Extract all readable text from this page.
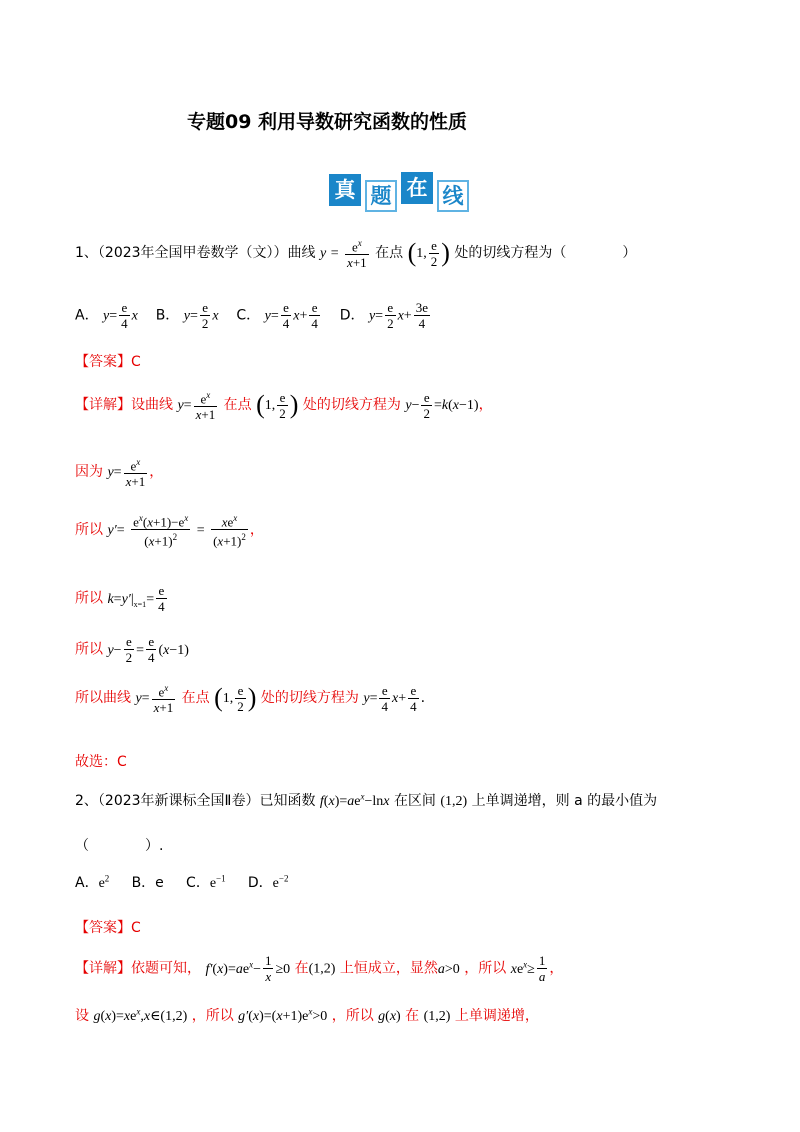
专题09 利用导数研究函数的性质
真 题 在 线
1、（2023年全国甲卷数学（文））曲线 $y = \frac{e^x}{x+1}$ 在点 (1, $\frac{e}{2}$ ) 处的切线方程为（　　　　）
A． $y= \frac{e}{4}$ x B． $y= \frac{e}{2}$ x C． $y= \frac{e}{4} x+ \frac{e}{4}$ D． $y= \frac{e}{2} x+ \frac{3e}{4}$
【答案】C
【详解】设曲线 $y= \frac{e^x}{x+1}$ 在点 (1, $\frac{e}{2}$ ) 处的切线方程为 $y- \frac{e}{2} =k(x-1)$，
因为 $y= \frac{e^x}{x+1}$ ，
所以 $y'= \frac{e^x(x+1)-e^x}{(x+1)^2} = \frac{xe^x}{(x+1)^2}$ ，
所以 $k=y'|_{x=1}= \frac{e}{4}$
所以 $y- \frac{e}{2} = \frac{e}{4} (x-1)$
所以曲线 $y= \frac{e^x}{x+1}$ 在点 (1, $\frac{e}{2}$ ) 处的切线方程为 $y= \frac{e}{4} x+ \frac{e}{4}$ .
故选：C
2、（2023年新课标全国Ⅱ卷）已知函数 $f(x)=ae^x-\ln x$ 在区间 (1,2) 上单调递增，则 a 的最小值为
（　　　　）.
A．$e^2$ B．e C．$e^{-1}$ D．$e^{-2}$
【答案】C
【详解】依题可知， $f'(x)=ae^x- \frac{1}{x} \ge 0$ 在(1,2) 上恒成立，显然a>0 ，所以 $xe^x\ge \frac{1}{a}$ ，
设 $g(x)=xe^x,x\in(1,2)$ ，所以 $g'(x)=(x+1)e^x>0$ ，所以 g(x) 在 (1,2) 上单调递增，
